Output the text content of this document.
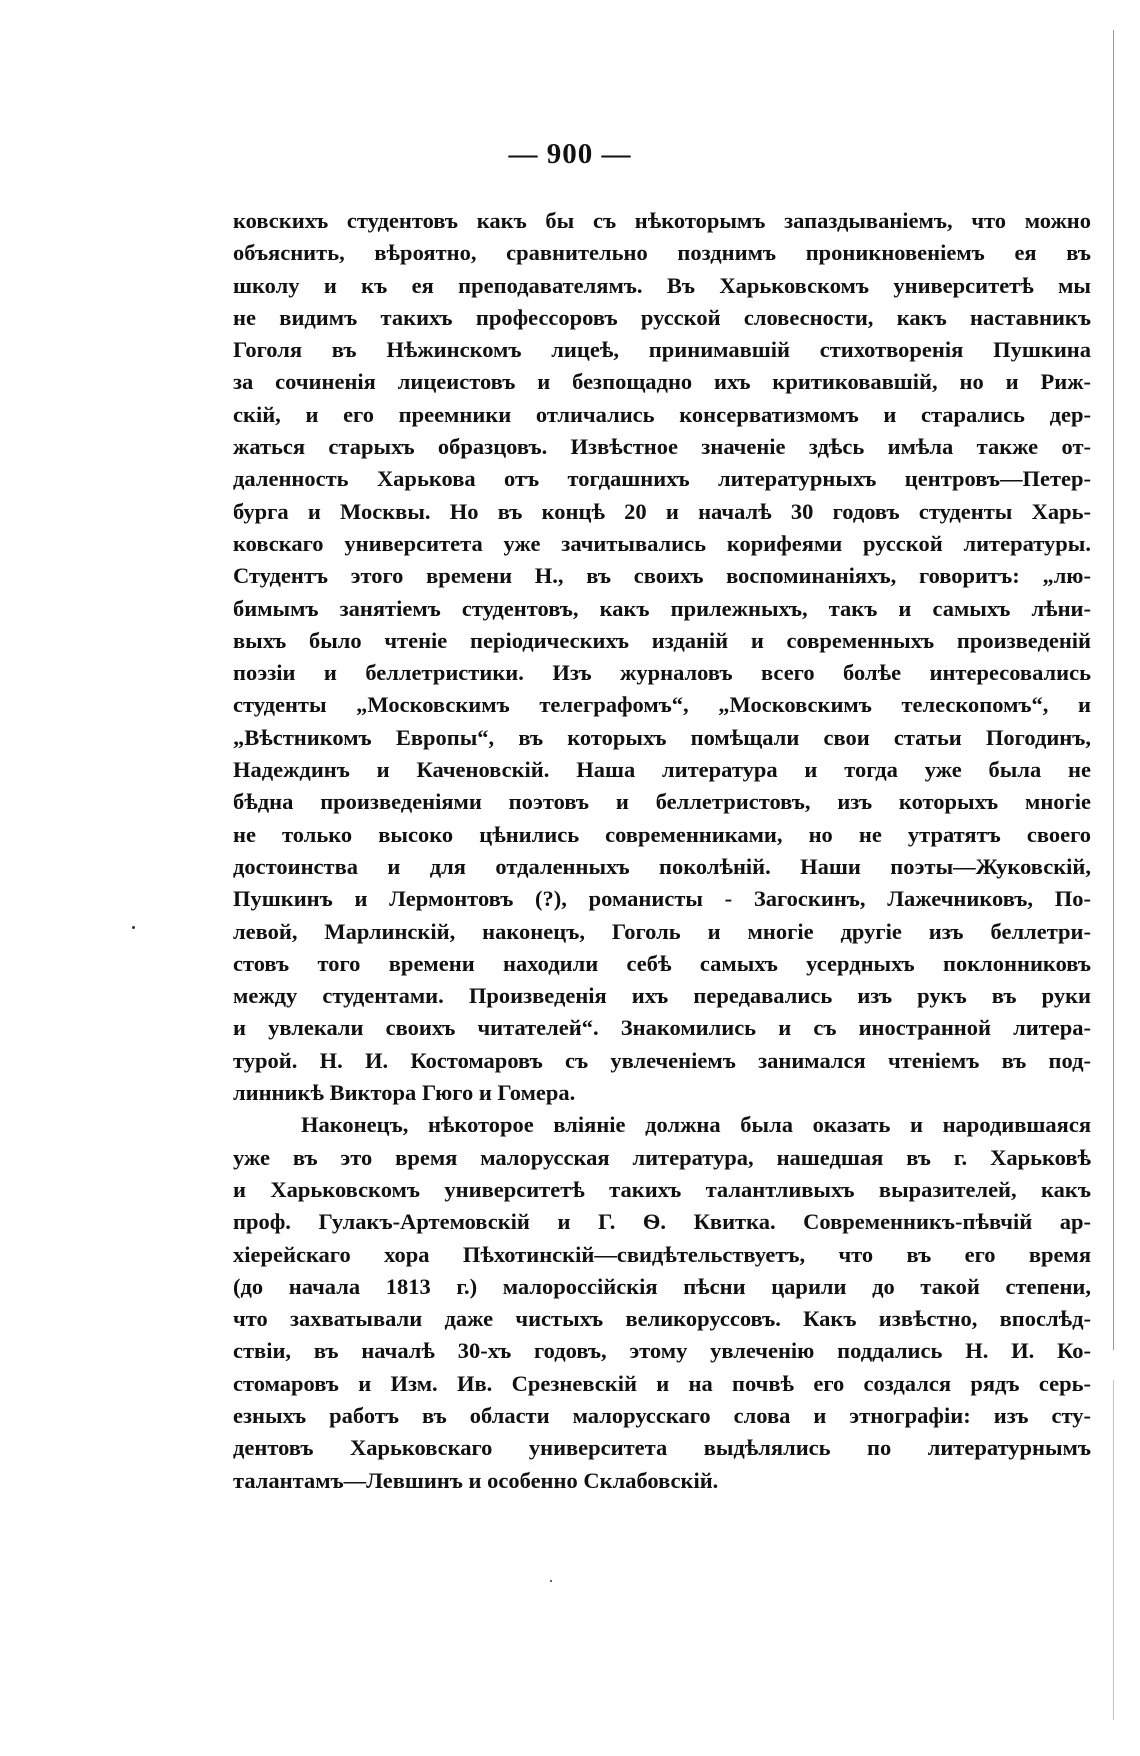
— 900 —
ковскихъ студентовъ какъ бы съ нѣкоторымъ запаздываніемъ, что можно
объяснить, вѣроятно, сравнительно позднимъ проникновеніемъ ея въ
школу и къ ея преподавателямъ. Въ Харьковскомъ университетѣ мы
не видимъ такихъ профессоровъ русской словесности, какъ наставникъ
Гоголя въ Нѣжинскомъ лицеѣ, принимавшій стихотворенія Пушкина
за сочиненія лицеистовъ и безпощадно ихъ критиковавшій, но и Риж-
скій, и его преемники отличались консерватизмомъ и старались дер-
жаться старыхъ образцовъ. Извѣстное значеніе здѣсь имѣла также от-
даленность Харькова отъ тогдашнихъ литературныхъ центровъ—Петер-
бурга и Москвы. Но въ концѣ 20 и началѣ 30 годовъ студенты Харь-
ковскаго университета уже зачитывались корифеями русской литературы.
Студентъ этого времени Н., въ своихъ воспоминаніяхъ, говоритъ: „лю-
бимымъ занятіемъ студентовъ, какъ прилежныхъ, такъ и самыхъ лѣни-
выхъ было чтеніе періодическихъ изданій и современныхъ произведеній
поэзіи и беллетристики. Изъ журналовъ всего болѣе интересовались
студенты „Московскимъ телеграфомъ“, „Московскимъ телескопомъ“, и
„Вѣстникомъ Европы“, въ которыхъ помѣщали свои статьи Погодинъ,
Надеждинъ и Каченовскій. Наша литература и тогда уже была не
бѣдна произведеніями поэтовъ и беллетристовъ, изъ которыхъ многіе
не только высоко цѣнились современниками, но не утратятъ своего
достоинства и для отдаленныхъ поколѣній. Наши поэты—Жуковскій,
Пушкинъ и Лермонтовъ (?), романисты - Загоскинъ, Лажечниковъ, По-
левой, Марлинскій, наконецъ, Гоголь и многіе другіе изъ беллетри-
стовъ того времени находили себѣ самыхъ усердныхъ поклонниковъ
между студентами. Произведенія ихъ передавались изъ рукъ въ руки
и увлекали своихъ читателей“. Знакомились и съ иностранной литера-
турой. Н. И. Костомаровъ съ увлеченіемъ занимался чтеніемъ въ под-
линникѣ Виктора Гюго и Гомера.
Наконецъ, нѣкоторое вліяніе должна была оказать и народившаяся
уже въ это время малорусская литература, нашедшая въ г. Харьковѣ
и Харьковскомъ университетѣ такихъ талантливыхъ выразителей, какъ
проф. Гулакъ-Артемовскій и Г. Ѳ. Квитка. Современникъ-пѣвчій ар-
хіерейскаго хора Пѣхотинскій—свидѣтельствуетъ, что въ его время
(до начала 1813 г.) малороссійскія пѣсни царили до такой степени,
что захватывали даже чистыхъ великоруссовъ. Какъ извѣстно, впослѣд-
ствіи, въ началѣ 30-хъ годовъ, этому увлеченію поддались Н. И. Ко-
стомаровъ и Изм. Ив. Срезневскій и на почвѣ его создался рядъ серь-
езныхъ работъ въ области малорусскаго слова и этнографіи: изъ сту-
дентовъ Харьковскаго университета выдѣлялись по литературнымъ
талантамъ—Левшинъ и особенно Склабовскій.
